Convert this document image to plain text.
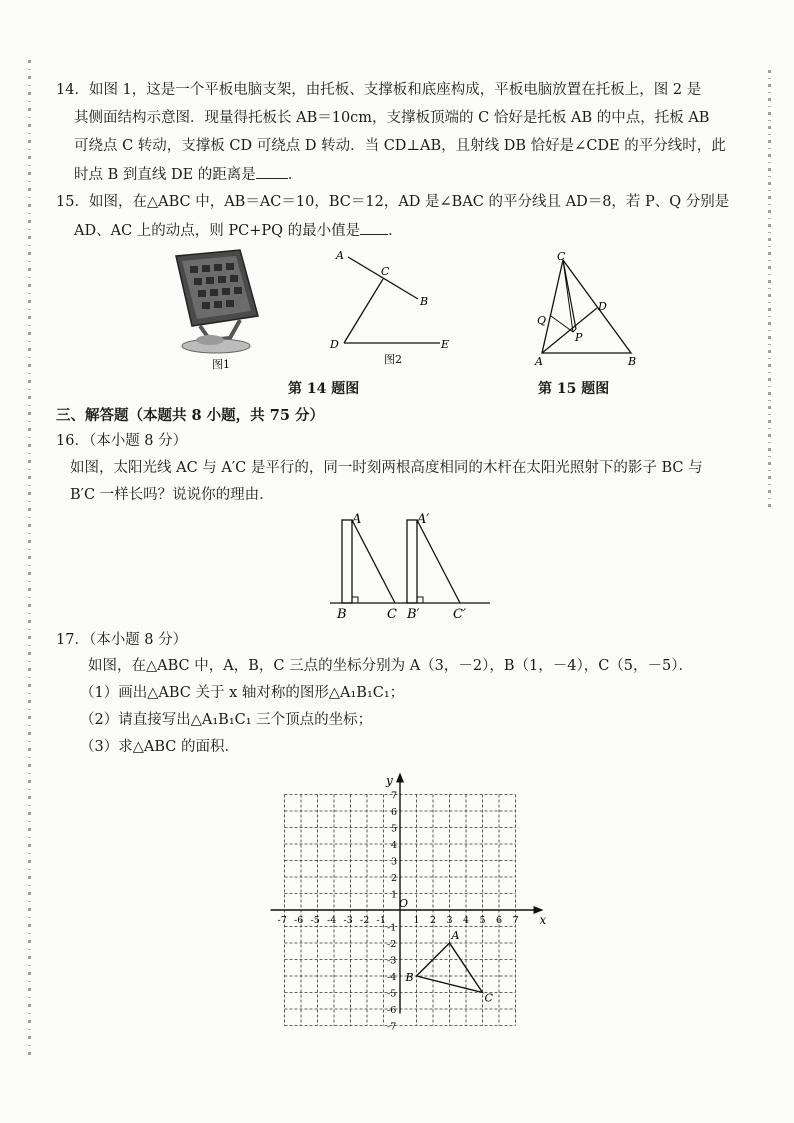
14．如图 1，这是一个平板电脑支架，由托板、支撑板和底座构成，平板电脑放置在托板上，图 2 是
其侧面结构示意图．现量得托板长 AB＝10cm，支撑板顶端的 C 恰好是托板 AB 的中点，托板 AB
可绕点 C 转动，支撑板 CD 可绕点 D 转动．当 CD⊥AB，且射线 DB 恰好是∠CDE 的平分线时，此
时点 B 到直线 DE 的距离是 ．
15．如图，在△ABC 中，AB＝AC＝10，BC＝12，AD 是∠BAC 的平分线且 AD＝8，若 P、Q 分别是
AD、AC 上的动点，则 PC+PQ 的最小值是 ．
图1
A
B
C
D	E
图2
C
A	B
D
P
Q
第 14 题图	第 15 题图
三、解答题（本题共 8 小题，共 75 分）
16．（本小题 8 分）
如图，太阳光线 AC 与 A′C 是平行的，同一时刻两根高度相同的木杆在太阳光照射下的影子 BC 与
B′C 一样长吗？说说你的理由．
A	A′
B	B′
C	C′
17．（本小题 8 分）
如图，在△ABC 中，A，B，C 三点的坐标分别为 A（3，－2），B（1，－4），C（5，－5）．
（1）画出△ABC 关于 x 轴对称的图形△A₁B₁C₁；
（2）请直接写出△A₁B₁C₁ 三个顶点的坐标；
（3）求△ABC 的面积．
-7 -6 -5 -4 -3 -2 -1	1 2 3 4 5 6 7
7
6
5
4
3
2
1
-1
-2
-3
-4
-5
-6
-7
A
B
C
x
y
O
